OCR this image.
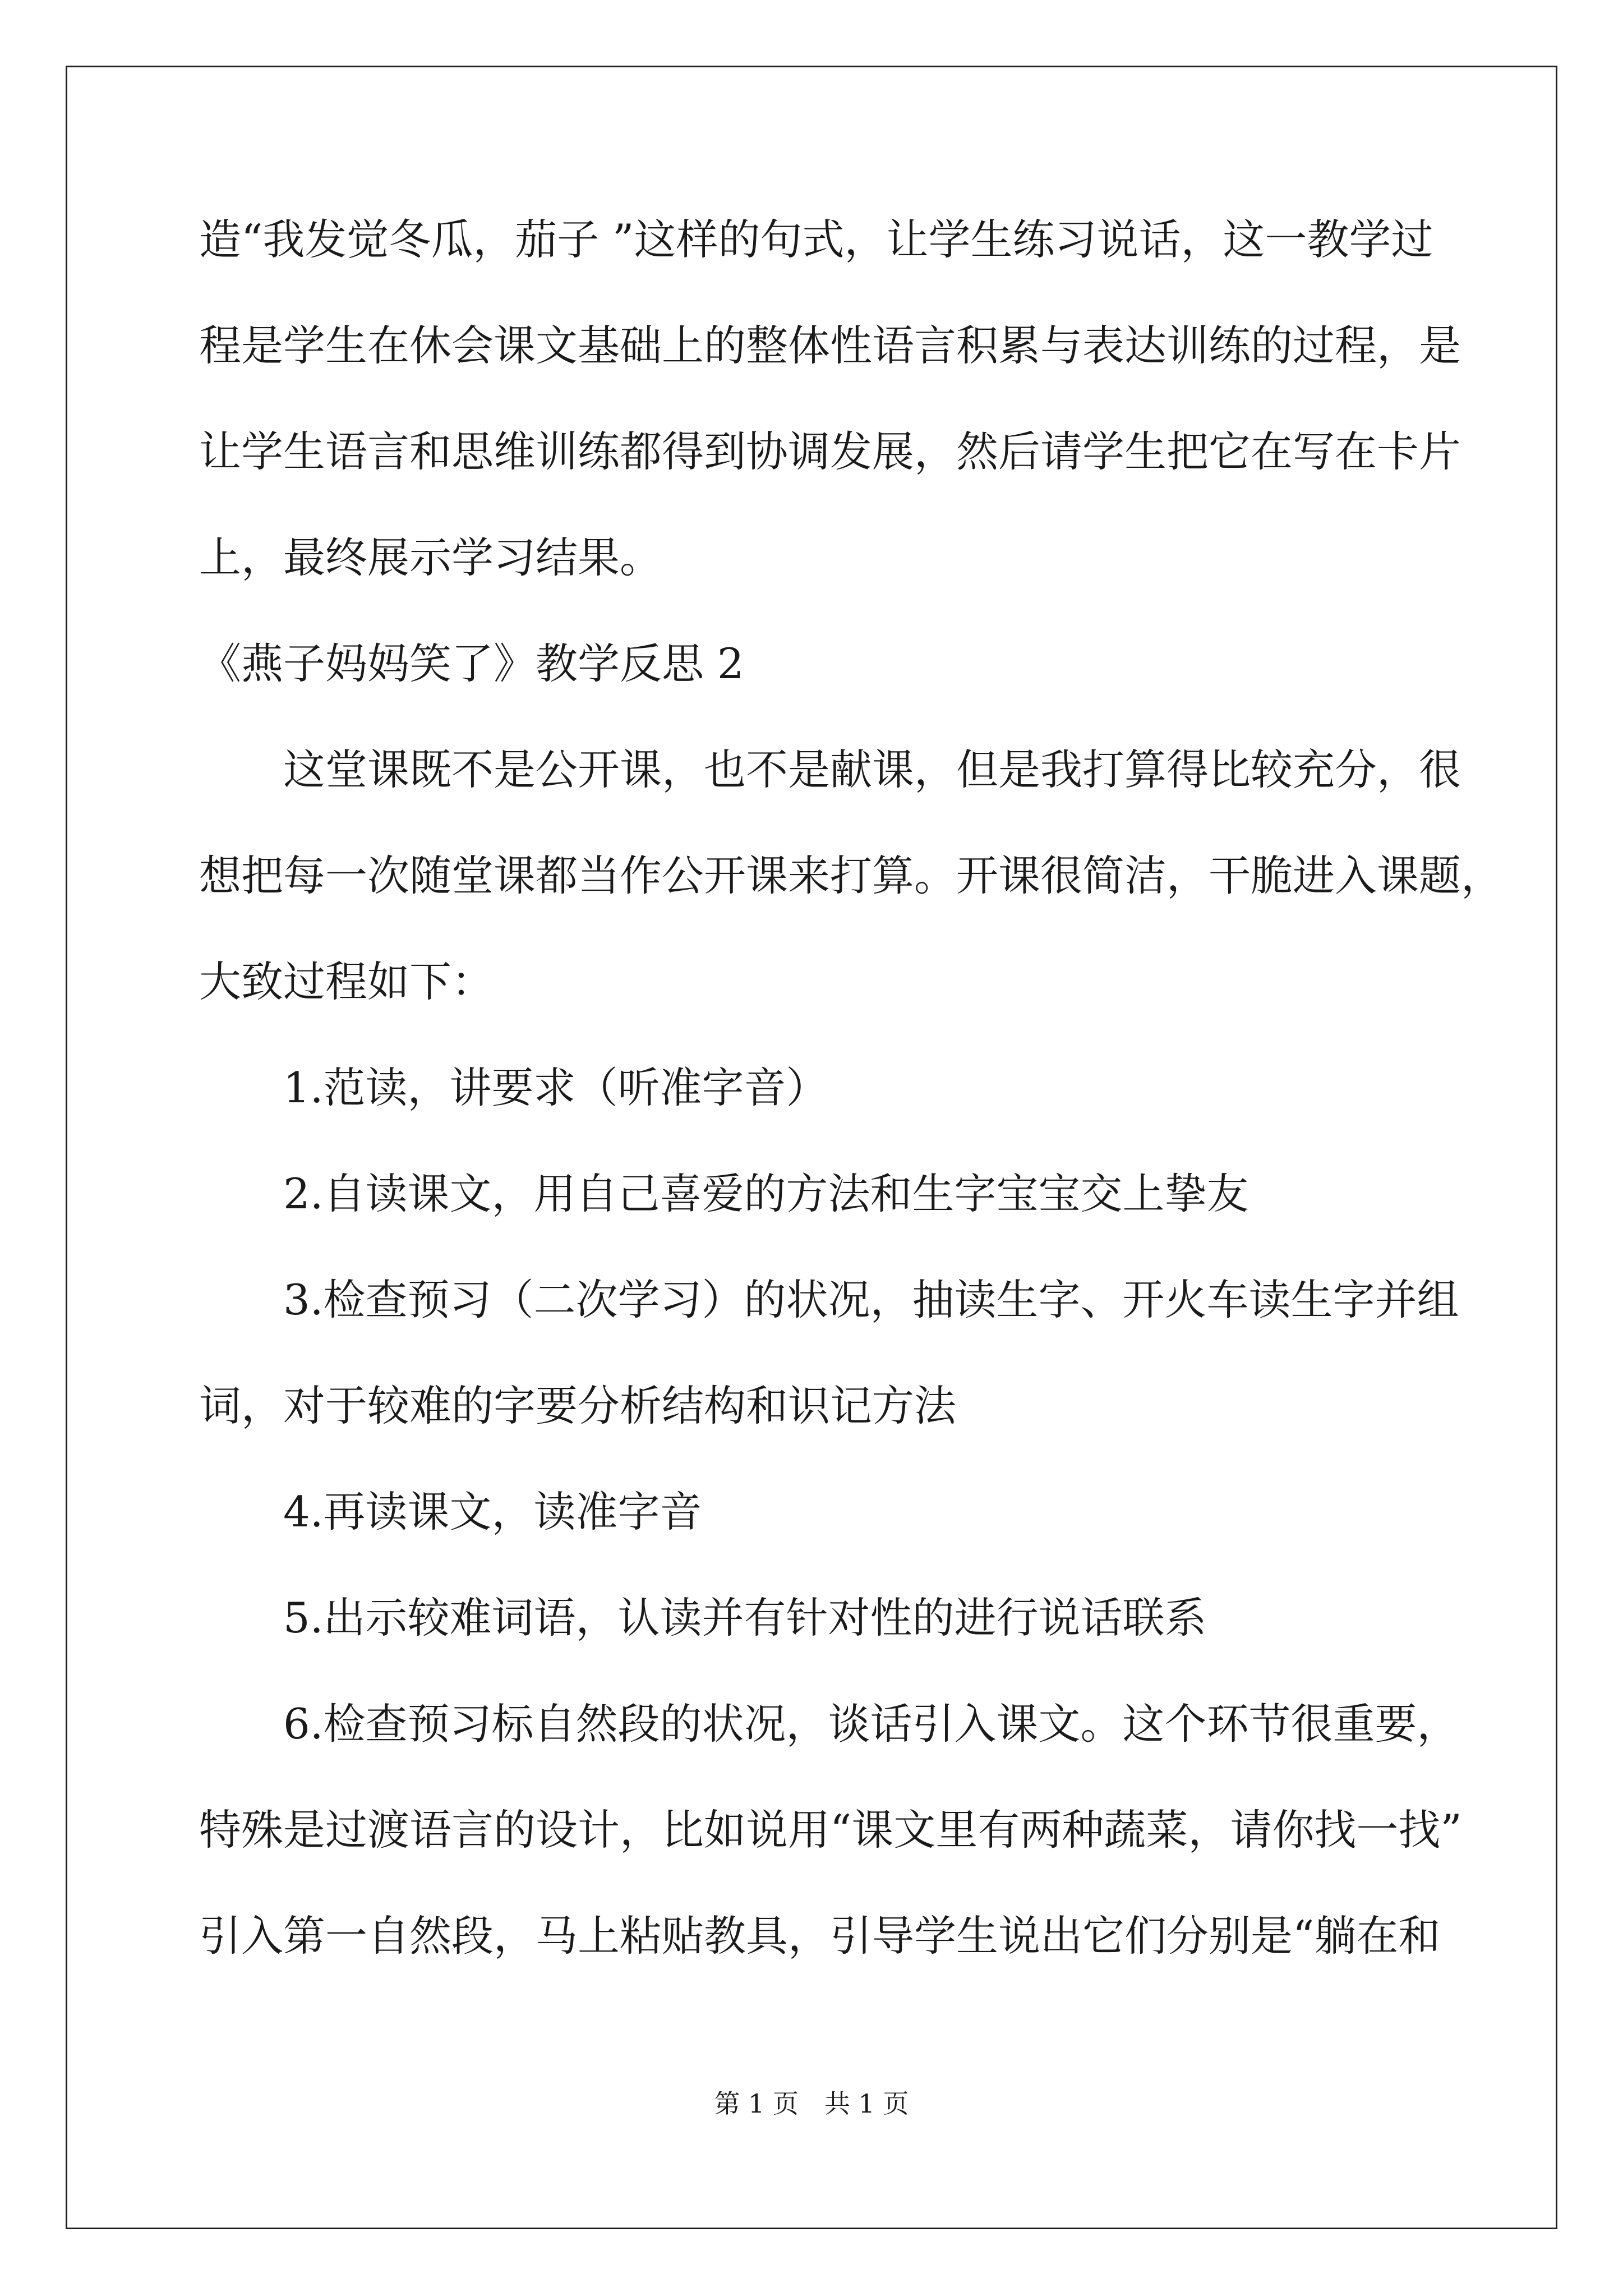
造“我发觉冬瓜，茄子 ”这样的句式，让学生练习说话，这一教学过
程是学生在休会课文基础上的整体性语言积累与表达训练的过程，是
让学生语言和思维训练都得到协调发展，然后请学生把它在写在卡片
上，最终展示学习结果。
《燕子妈妈笑了》教学反思 2
这堂课既不是公开课，也不是献课，但是我打算得比较充分，很
想把每一次随堂课都当作公开课来打算。开课很简洁，干脆进入课题，
大致过程如下：
1.范读，讲要求（听准字音）
2.自读课文，用自己喜爱的方法和生字宝宝交上挚友
3.检查预习（二次学习）的状况，抽读生字、开火车读生字并组
词，对于较难的字要分析结构和识记方法
4.再读课文，读准字音
5.出示较难词语，认读并有针对性的进行说话联系
6.检查预习标自然段的状况，谈话引入课文。这个环节很重要，
特殊是过渡语言的设计，比如说用“课文里有两种蔬菜，请你找一找”
引入第一自然段，马上粘贴教具，引导学生说出它们分别是“躺在和
第 1 页　共 1 页
